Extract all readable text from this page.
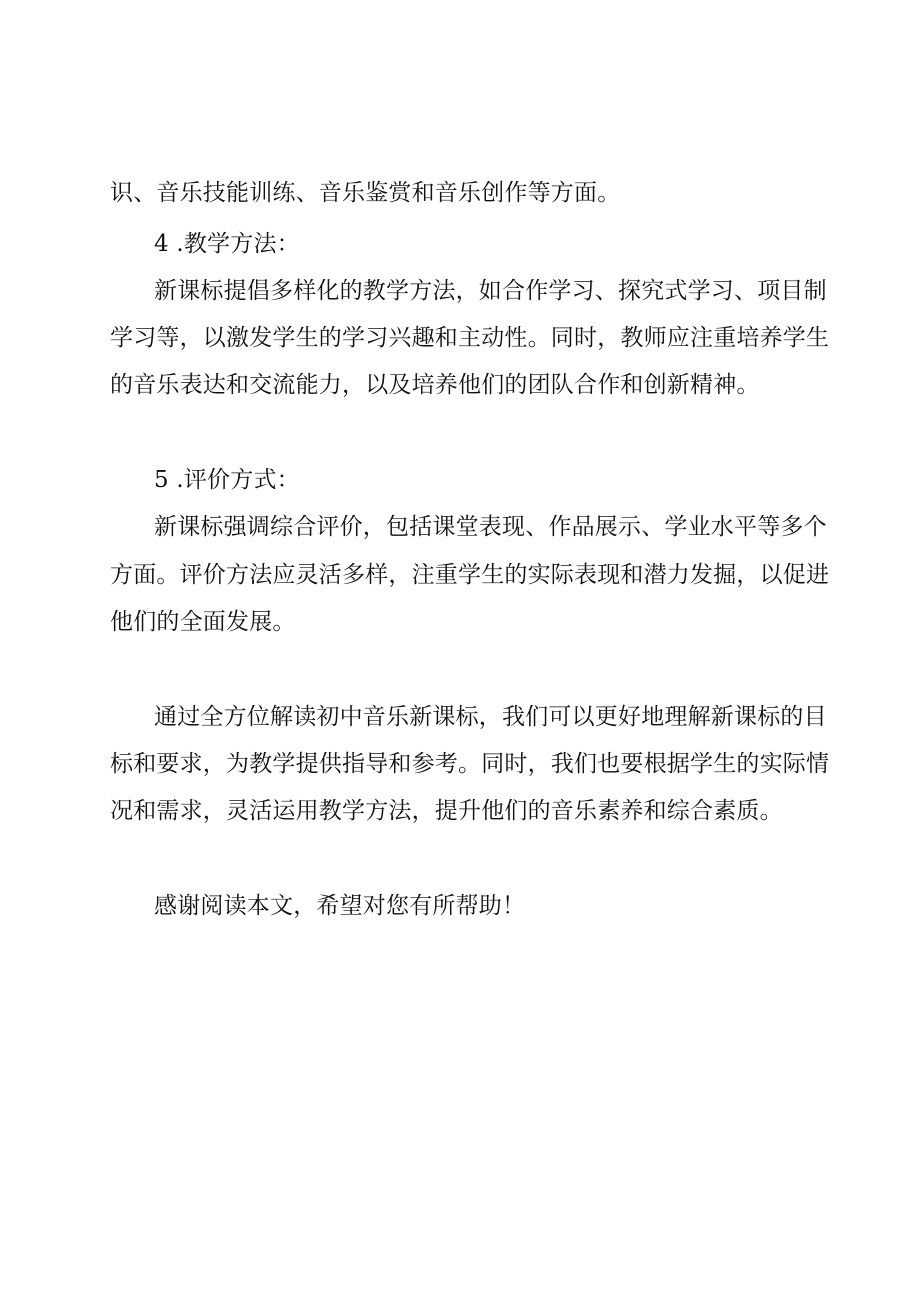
识、音乐技能训练、音乐鉴赏和音乐创作等方面。
4 .教学方法：
新课标提倡多样化的教学方法，如合作学习、探究式学习、项目制
学习等，以激发学生的学习兴趣和主动性。同时，教师应注重培养学生
的音乐表达和交流能力，以及培养他们的团队合作和创新精神。
5 .评价方式：
新课标强调综合评价，包括课堂表现、作品展示、学业水平等多个
方面。评价方法应灵活多样，注重学生的实际表现和潜力发掘，以促进
他们的全面发展。
通过全方位解读初中音乐新课标，我们可以更好地理解新课标的目
标和要求，为教学提供指导和参考。同时，我们也要根据学生的实际情
况和需求，灵活运用教学方法，提升他们的音乐素养和综合素质。
感谢阅读本文，希望对您有所帮助！
